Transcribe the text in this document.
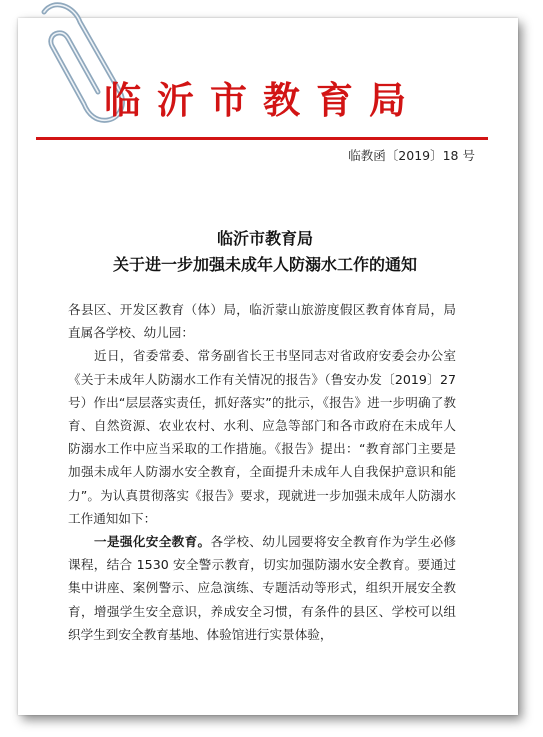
临沂市教育局
临教函〔2019〕18 号
临沂市教育局
关于进一步加强未成年人防溺水工作的通知

各县区、开发区教育（体）局，临沂蒙山旅游度假区教育体育局，局直属各学校、幼儿园：

近日，省委常委、常务副省长王书坚同志对省政府安委会办公室《关于未成年人防溺水工作有关情况的报告》（鲁安办发〔2019〕27 号）作出“层层落实责任，抓好落实”的批示，《报告》进一步明确了教育、自然资源、农业农村、水利、应急等部门和各市政府在未成年人防溺水工作中应当采取的工作措施。《报告》提出：“教育部门主要是加强未成年人防溺水安全教育，全面提升未成年人自我保护意识和能力”。为认真贯彻落实《报告》要求，现就进一步加强未成年人防溺水工作通知如下：

一是强化安全教育。各学校、幼儿园要将安全教育作为学生必修课程，结合 1530 安全警示教育，切实加强防溺水安全教育。要通过集中讲座、案例警示、应急演练、专题活动等形式，组织开展安全教育，增强学生安全意识，养成安全习惯，有条件的县区、学校可以组织学生到安全教育基地、体验馆进行实景体验，
